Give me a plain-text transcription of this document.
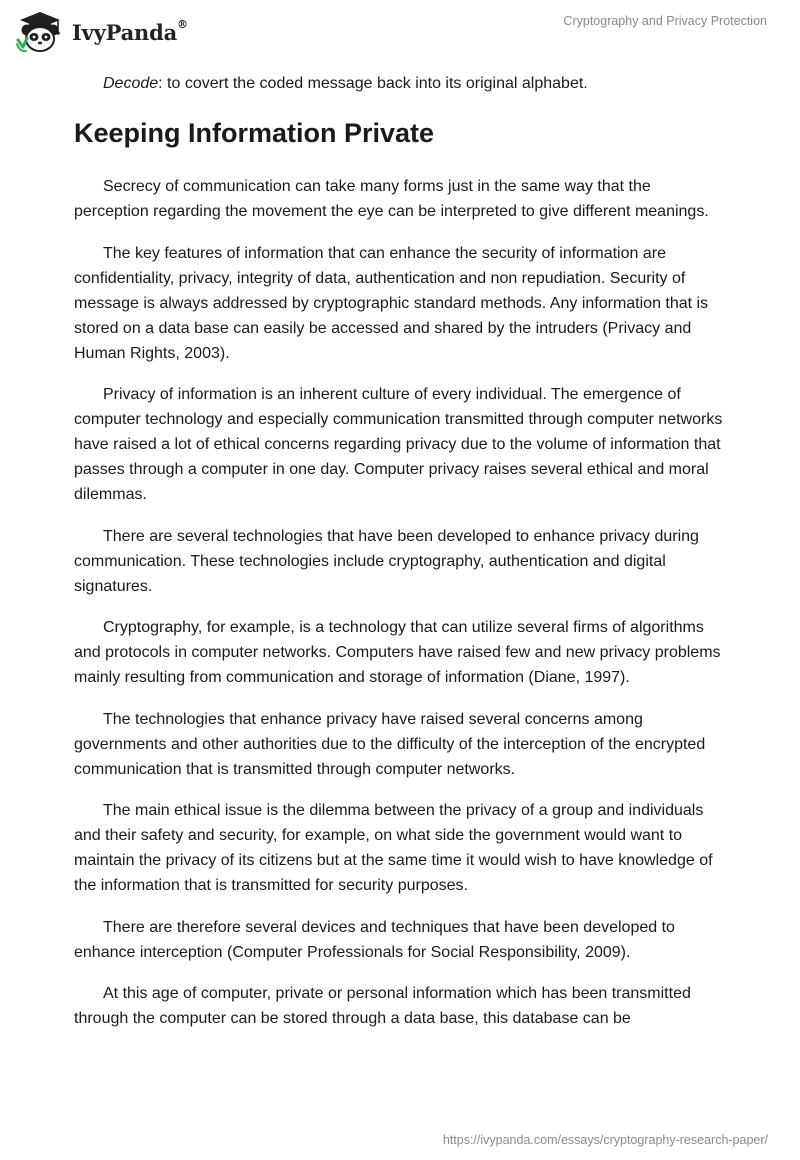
IvyPanda®	Cryptography and Privacy Protection

Decode: to covert the coded message back into its original alphabet.

Keeping Information Private

Secrecy of communication can take many forms just in the same way that the perception regarding the movement the eye can be interpreted to give different meanings.

The key features of information that can enhance the security of information are confidentiality, privacy, integrity of data, authentication and non repudiation. Security of message is always addressed by cryptographic standard methods. Any information that is stored on a data base can easily be accessed and shared by the intruders (Privacy and Human Rights, 2003).

Privacy of information is an inherent culture of every individual. The emergence of computer technology and especially communication transmitted through computer networks have raised a lot of ethical concerns regarding privacy due to the volume of information that passes through a computer in one day. Computer privacy raises several ethical and moral dilemmas.

There are several technologies that have been developed to enhance privacy during communication. These technologies include cryptography, authentication and digital signatures.

Cryptography, for example, is a technology that can utilize several firms of algorithms and protocols in computer networks. Computers have raised few and new privacy problems mainly resulting from communication and storage of information (Diane, 1997).

The technologies that enhance privacy have raised several concerns among governments and other authorities due to the difficulty of the interception of the encrypted communication that is transmitted through computer networks.

The main ethical issue is the dilemma between the privacy of a group and individuals and their safety and security, for example, on what side the government would want to maintain the privacy of its citizens but at the same time it would wish to have knowledge of the information that is transmitted for security purposes.

There are therefore several devices and techniques that have been developed to enhance interception (Computer Professionals for Social Responsibility, 2009).

At this age of computer, private or personal information which has been transmitted through the computer can be stored through a data base, this database can be

https://ivypanda.com/essays/cryptography-research-paper/
